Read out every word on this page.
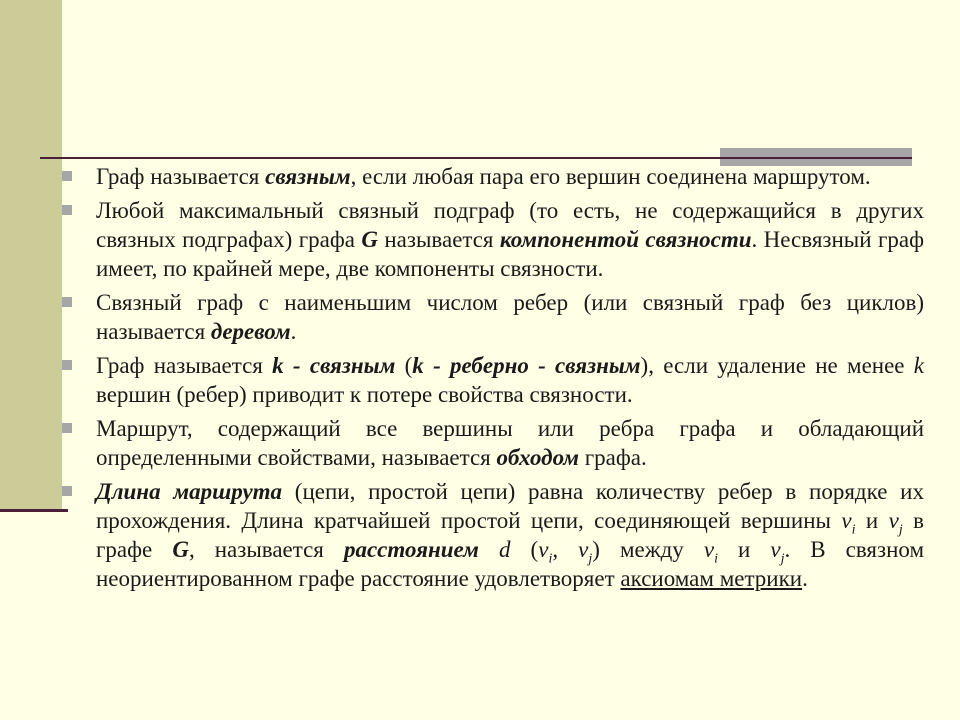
Граф называется связным, если любая пара его вершин соединена маршрутом.
Любой максимальный связный подграф (то есть, не содержащийся в других связных подграфах) графа G называется компонентой связности. Несвязный граф имеет, по крайней мере, две компоненты связности.
Связный граф с наименьшим числом ребер (или связный граф без циклов) называется деревом.
Граф называется k - связным (k - реберно - связным), если удаление не менее k вершин (ребер) приводит к потере свойства связности.
Маршрут, содержащий все вершины или ребра графа и обладающий определенными свойствами, называется обходом графа.
Длина маршрута (цепи, простой цепи) равна количеству ребер в порядке их прохождения. Длина кратчайшей простой цепи, соединяющей вершины $v_i$ и $v_j$ в графе G, называется расстоянием d ($v_i$, $v_j$) между $v_i$ и $v_j$. В связном неориентированном графе расстояние удовлетворяет аксиомам метрики.
